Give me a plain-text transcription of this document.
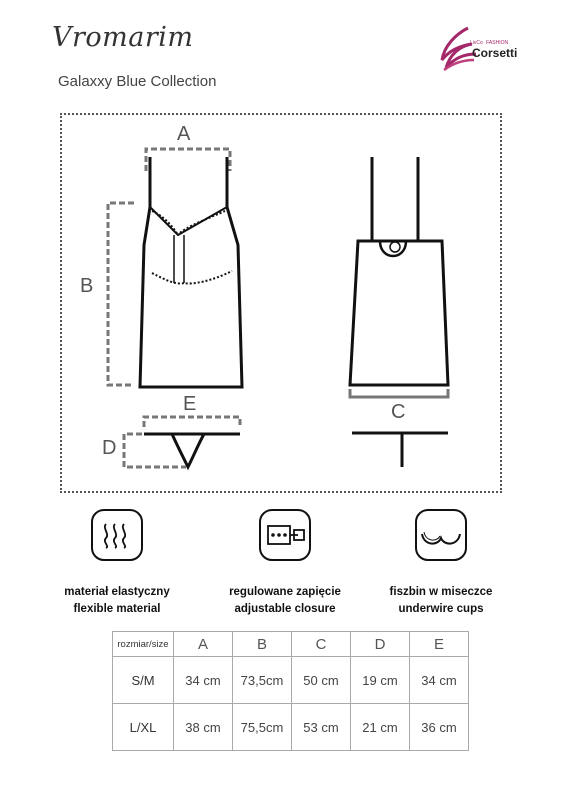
Vromarim
Galaxxy Blue Collection
LivCo FASHION
Corsetti
A
B
C
D
E
materiał elastyczny
flexible material
regulowane zapięcie
adjustable closure
fiszbin w miseczce
underwire cups
rozmiar/size	A	B	C	D	E
S/M	34 cm	73,5cm	50 cm	19 cm	34 cm
L/XL	38 cm	75,5cm	53 cm	21 cm	36 cm
